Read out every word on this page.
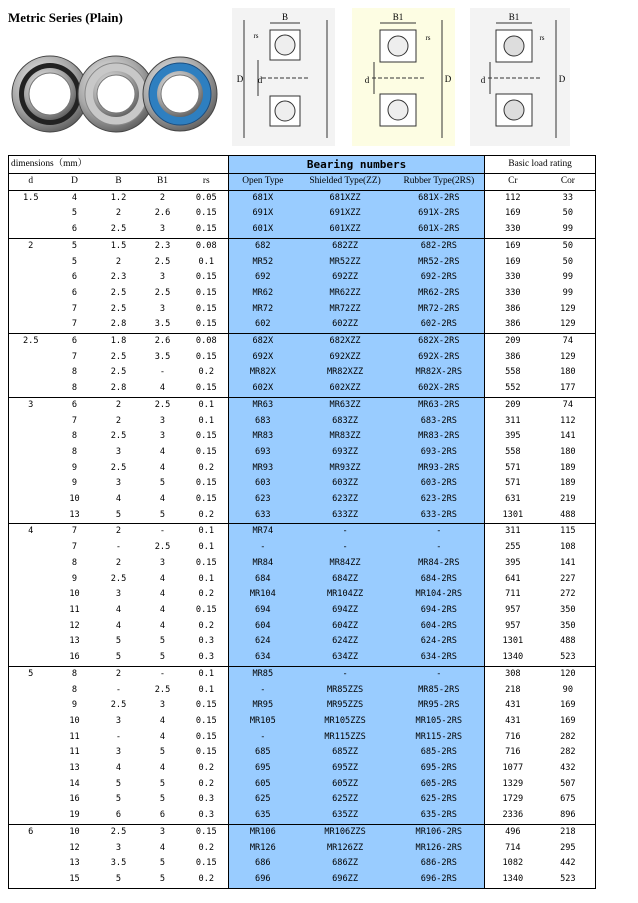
Metric Series (Plain)	B
rs
d
D
B1
rs
d	D
B1
rs
d	D
dimensions（mm）					Bearing numbers			Basic load rating	
d	D	B	B1	rs	Open Type	Shielded Type(ZZ)	Rubber Type(2RS)	Cr	Cor
1.5	4	1.2	2	0.05	681X	681XZZ	681X-2RS	112	33
	5	2	2.6	0.15	691X	691XZZ	691X-2RS	169	50
	6	2.5	3	0.15	601X	601XZZ	601X-2RS	330	99
2	5	1.5	2.3	0.08	682	682ZZ	682-2RS	169	50
	5	2	2.5	0.1	MR52	MR52ZZ	MR52-2RS	169	50
	6	2.3	3	0.15	692	692ZZ	692-2RS	330	99
	6	2.5	2.5	0.15	MR62	MR62ZZ	MR62-2RS	330	99
	7	2.5	3	0.15	MR72	MR72ZZ	MR72-2RS	386	129
	7	2.8	3.5	0.15	602	602ZZ	602-2RS	386	129
2.5	6	1.8	2.6	0.08	682X	682XZZ	682X-2RS	209	74
	7	2.5	3.5	0.15	692X	692XZZ	692X-2RS	386	129
	8	2.5	-	0.2	MR82X	MR82XZZ	MR82X-2RS	558	180
	8	2.8	4	0.15	602X	602XZZ	602X-2RS	552	177
3	6	2	2.5	0.1	MR63	MR63ZZ	MR63-2RS	209	74
	7	2	3	0.1	683	683ZZ	683-2RS	311	112
	8	2.5	3	0.15	MR83	MR83ZZ	MR83-2RS	395	141
	8	3	4	0.15	693	693ZZ	693-2RS	558	180
	9	2.5	4	0.2	MR93	MR93ZZ	MR93-2RS	571	189
	9	3	5	0.15	603	603ZZ	603-2RS	571	189
	10	4	4	0.15	623	623ZZ	623-2RS	631	219
	13	5	5	0.2	633	633ZZ	633-2RS	1301	488
4	7	2	-	0.1	MR74	-	-	311	115
	7	-	2.5	0.1	-	-	-	255	108
	8	2	3	0.15	MR84	MR84ZZ	MR84-2RS	395	141
	9	2.5	4	0.1	684	684ZZ	684-2RS	641	227
	10	3	4	0.2	MR104	MR104ZZ	MR104-2RS	711	272
	11	4	4	0.15	694	694ZZ	694-2RS	957	350
	12	4	4	0.2	604	604ZZ	604-2RS	957	350
	13	5	5	0.3	624	624ZZ	624-2RS	1301	488
	16	5	5	0.3	634	634ZZ	634-2RS	1340	523
5	8	2	-	0.1	MR85	-	-	308	120
	8	-	2.5	0.1	-	MR85ZZS	MR85-2RS	218	90
	9	2.5	3	0.15	MR95	MR95ZZS	MR95-2RS	431	169
	10	3	4	0.15	MR105	MR105ZZS	MR105-2RS	431	169
	11	-	4	0.15	-	MR115ZZS	MR115-2RS	716	282
	11	3	5	0.15	685	685ZZ	685-2RS	716	282
	13	4	4	0.2	695	695ZZ	695-2RS	1077	432
	14	5	5	0.2	605	605ZZ	605-2RS	1329	507
	16	5	5	0.3	625	625ZZ	625-2RS	1729	675
	19	6	6	0.3	635	635ZZ	635-2RS	2336	896
6	10	2.5	3	0.15	MR106	MR106ZZS	MR106-2RS	496	218
	12	3	4	0.2	MR126	MR126ZZ	MR126-2RS	714	295
	13	3.5	5	0.15	686	686ZZ	686-2RS	1082	442
	15	5	5	0.2	696	696ZZ	696-2RS	1340	523
